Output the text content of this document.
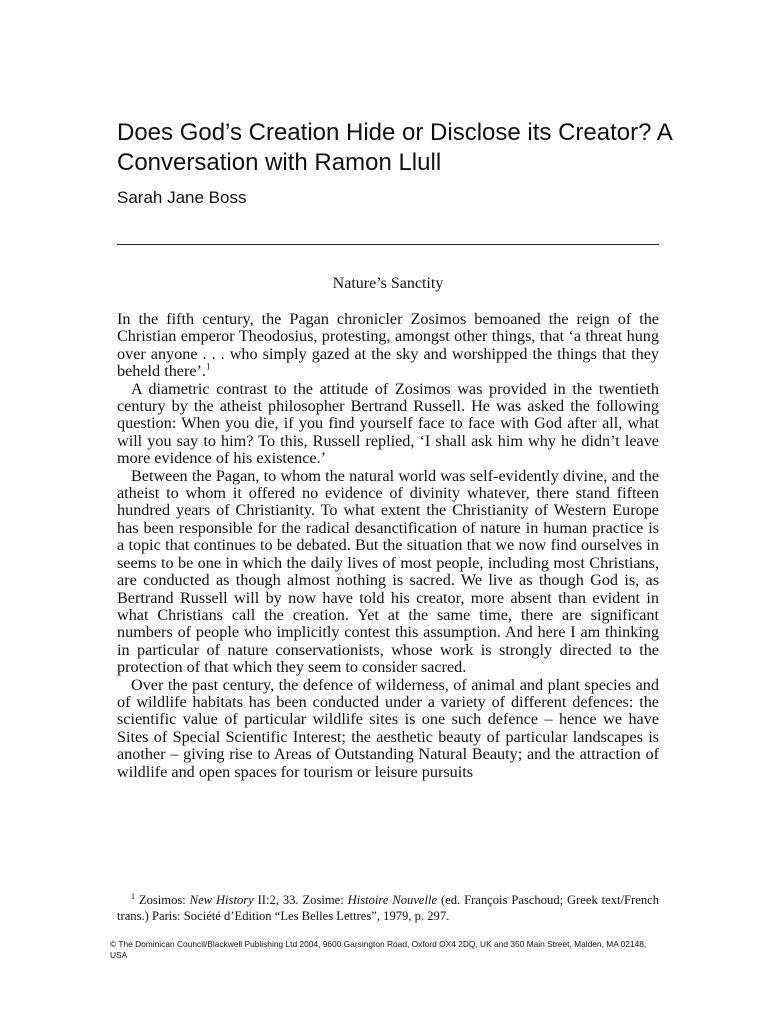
Does God’s Creation Hide or Disclose its Creator? A Conversation with Ramon Llull

Sarah Jane Boss

Nature’s Sanctity

In the fifth century, the Pagan chronicler Zosimos bemoaned the reign of the Christian emperor Theodosius, protesting, amongst other things, that ‘a threat hung over anyone . . . who simply gazed at the sky and worshipped the things that they beheld there’.$^1$

A diametric contrast to the attitude of Zosimos was provided in the twentieth century by the atheist philosopher Bertrand Russell. He was asked the following question: When you die, if you find yourself face to face with God after all, what will you say to him? To this, Russell replied, ‘I shall ask him why he didn’t leave more evidence of his existence.’

Between the Pagan, to whom the natural world was self-evidently divine, and the atheist to whom it offered no evidence of divinity whatever, there stand fifteen hundred years of Christianity. To what extent the Christianity of Western Europe has been responsible for the radical desanctification of nature in human practice is a topic that continues to be debated. But the situation that we now find ourselves in seems to be one in which the daily lives of most people, including most Christians, are conducted as though almost nothing is sacred. We live as though God is, as Bertrand Russell will by now have told his creator, more absent than evident in what Christians call the creation. Yet at the same time, there are significant numbers of people who implicitly contest this assumption. And here I am thinking in particular of nature conservationists, whose work is strongly directed to the protection of that which they seem to consider sacred.

Over the past century, the defence of wilderness, of animal and plant species and of wildlife habitats has been conducted under a variety of different defences: the scientific value of particular wildlife sites is one such defence – hence we have Sites of Special Scientific Interest; the aesthetic beauty of particular landscapes is another – giving rise to Areas of Outstanding Natural Beauty; and the attraction of wildlife and open spaces for tourism or leisure pursuits

$^1$ Zosimos: New History II:2, 33. Zosime: Histoire Nouvelle (ed. François Paschoud; Greek text/French trans.) Paris: Société d’Edition “Les Belles Lettres”, 1979, p. 297.
© The Dominican Council/Blackwell Publishing Ltd 2004, 9600 Garsington Road, Oxford OX4 2DQ, UK and 350 Main Street, Malden, MA 02148, USA
